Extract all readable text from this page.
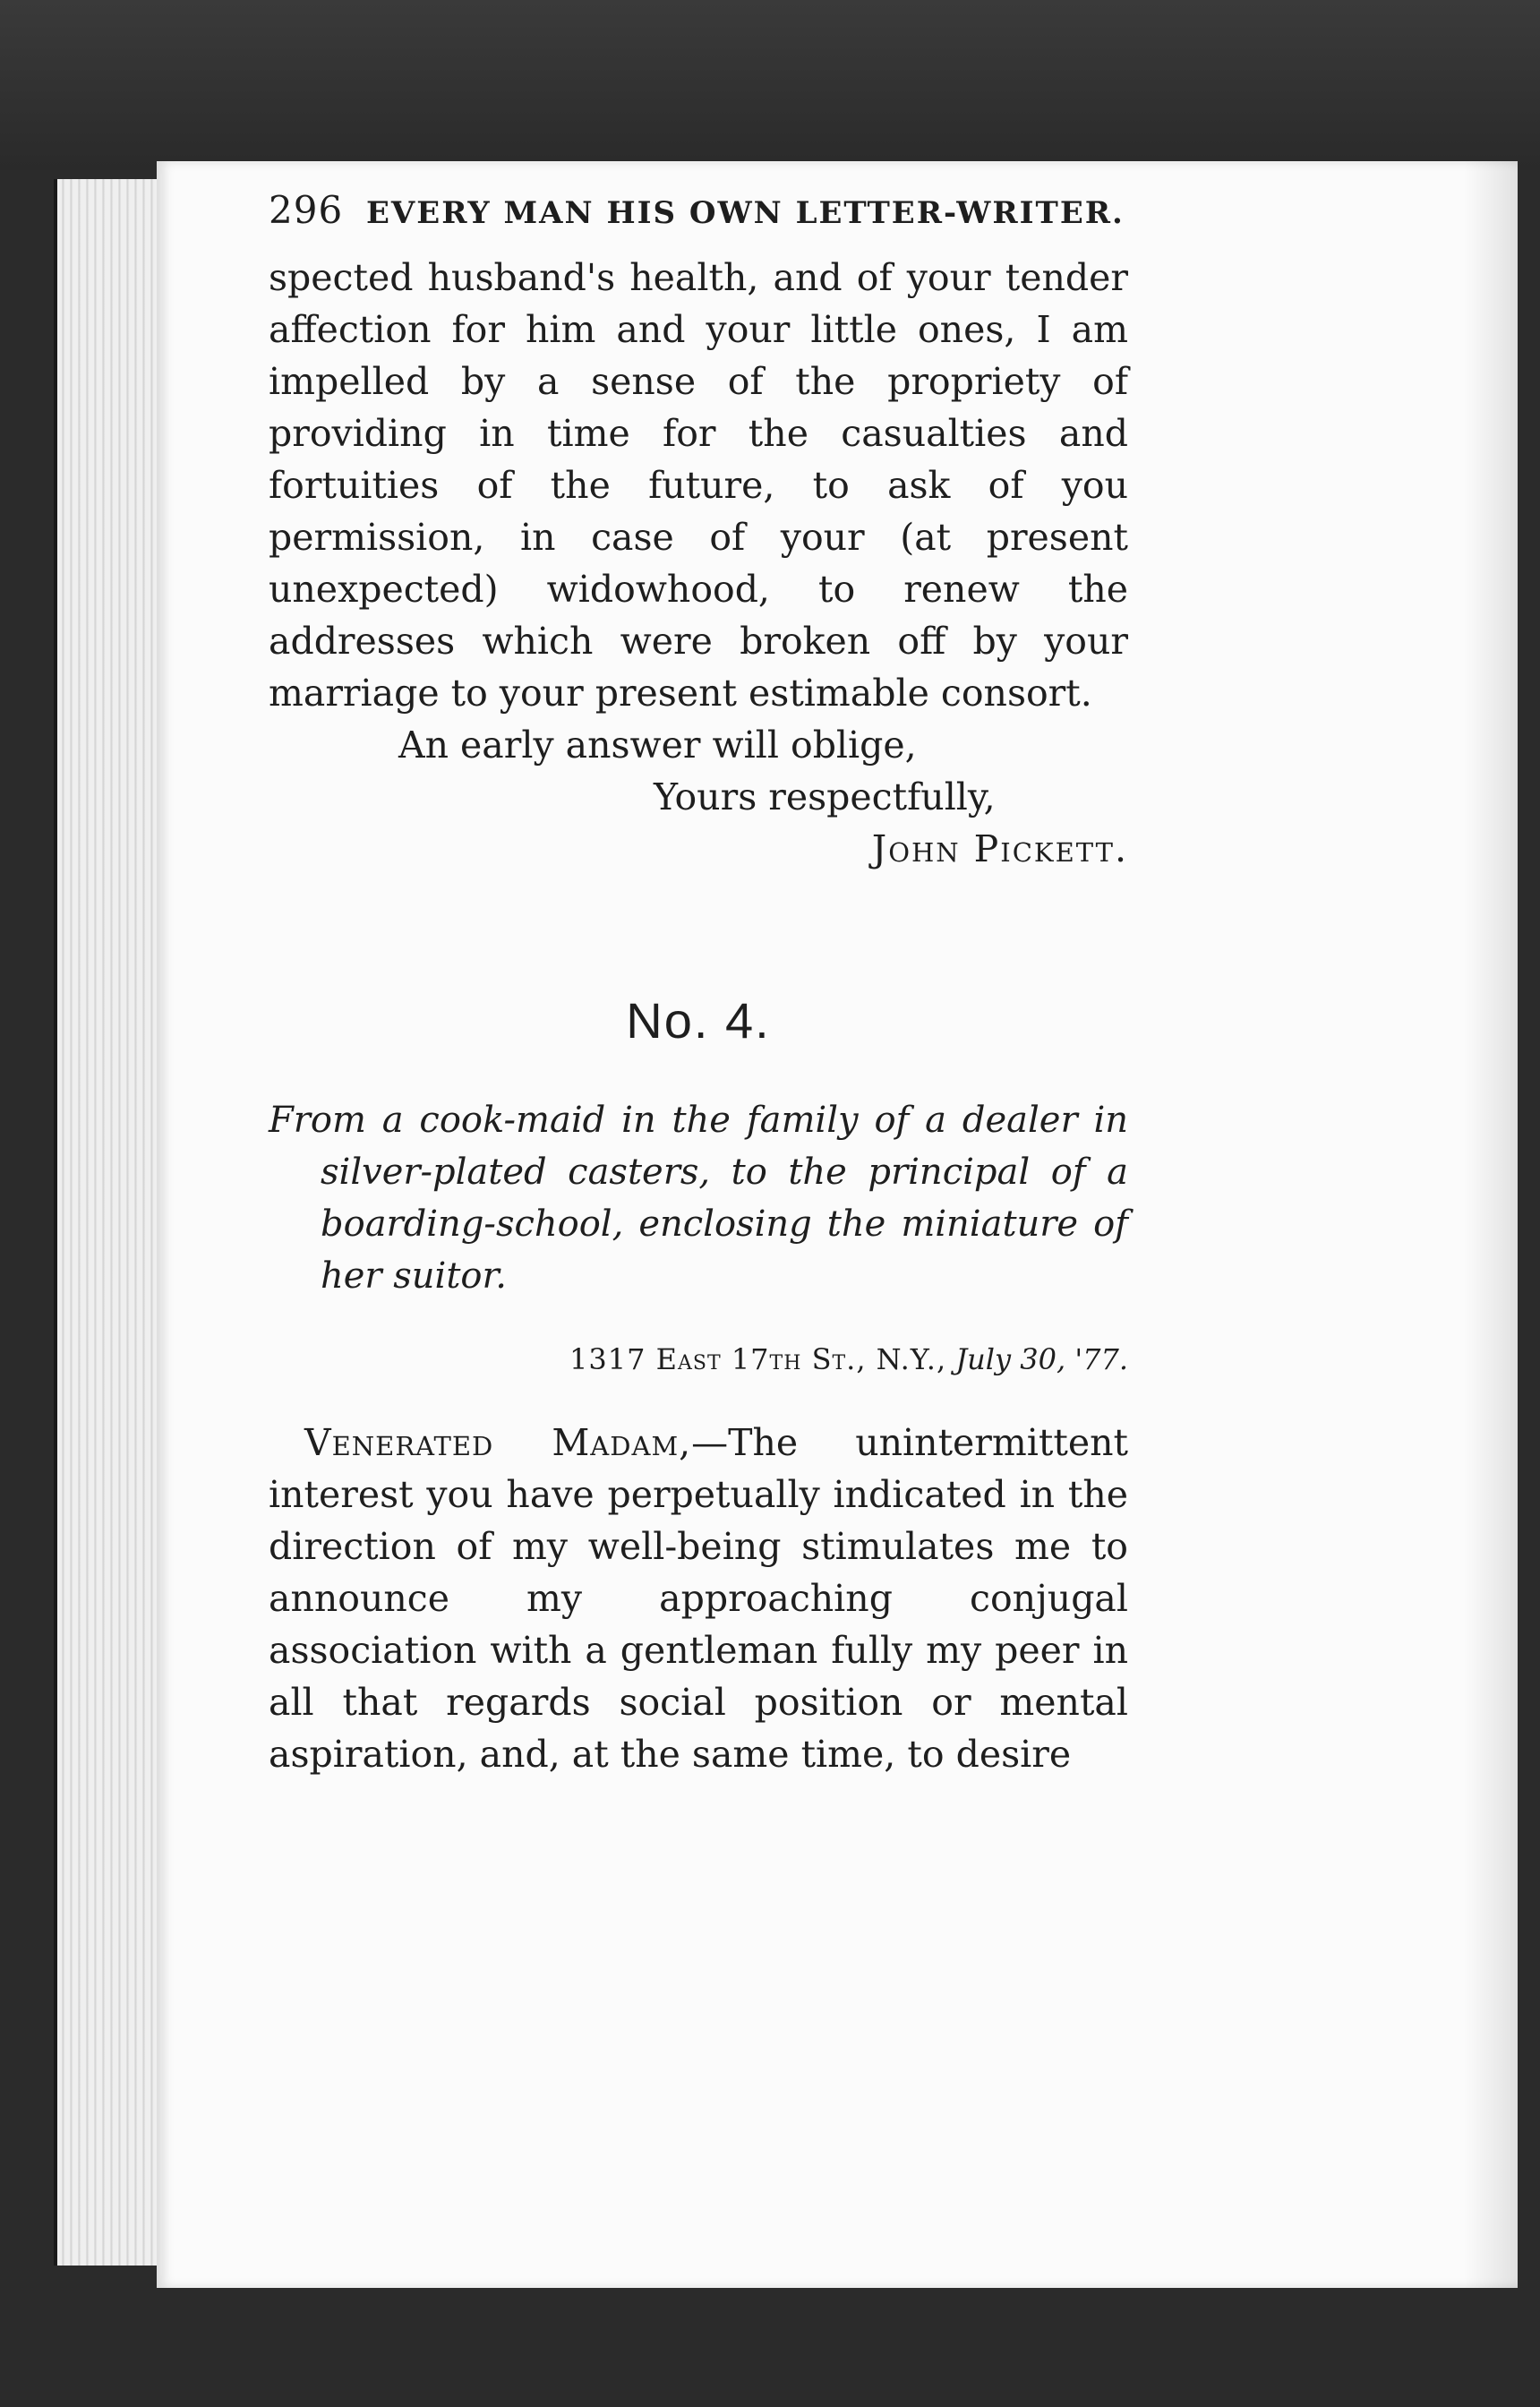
296 EVERY MAN HIS OWN LETTER-WRITER.

spected husband's health, and of your tender affection for him and your little ones, I am impelled by a sense of the propriety of providing in time for the casualties and fortuities of the future, to ask of you permission, in case of your (at present unexpected) widowhood, to renew the addresses which were broken off by your marriage to your present estimable consort.

An early answer will oblige,

Yours respectfully,

John Pickett.

No. 4.

From a cook-maid in the family of a dealer in silver-plated casters, to the principal of a boarding-school, enclosing the miniature of her suitor.

1317 East 17th St., N.Y., July 30, '77.

Venerated Madam,—The unintermittent interest you have perpetually indicated in the direction of my well-being stimulates me to announce my approaching conjugal association with a gentleman fully my peer in all that regards social position or mental aspiration, and, at the same time, to desire
